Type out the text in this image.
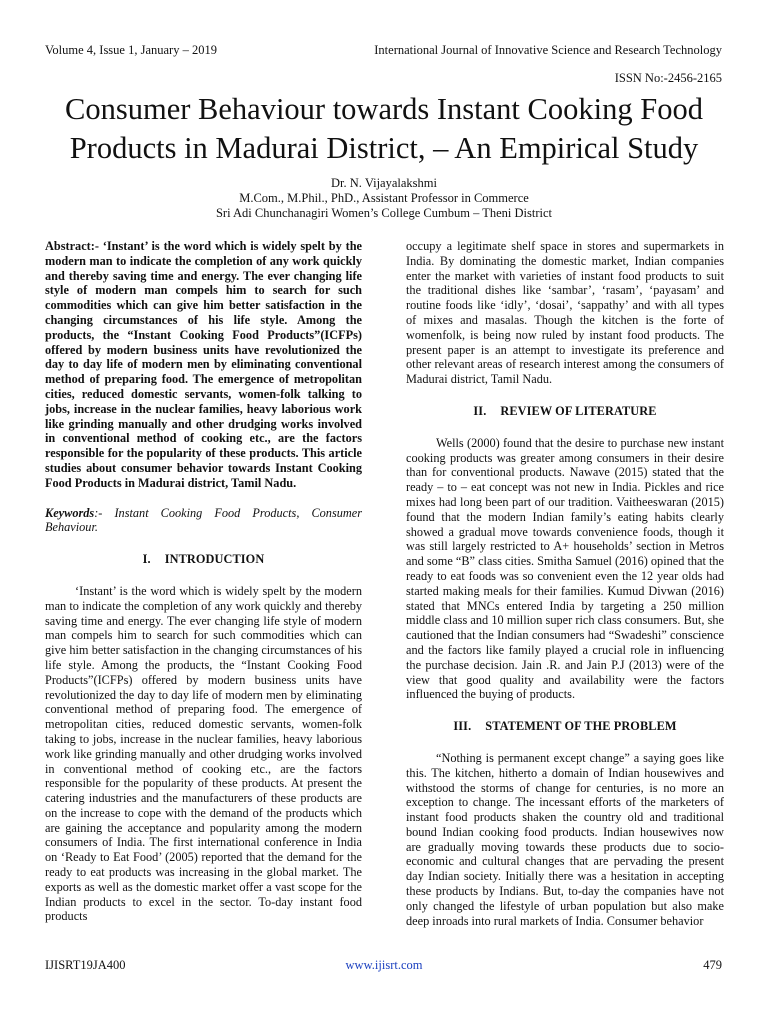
Volume 4, Issue 1, January – 2019	International Journal of Innovative Science and Research Technology
ISSN No:-2456-2165
Consumer Behaviour towards Instant Cooking Food Products in Madurai District, – An Empirical Study
Dr. N. Vijayalakshmi
M.Com., M.Phil., PhD., Assistant Professor in Commerce
Sri Adi Chunchanagiri Women’s College Cumbum – Theni District

Abstract:- ‘Instant’ is the word which is widely spelt by the modern man to indicate the completion of any work quickly and thereby saving time and energy. The ever changing life style of modern man compels him to search for such commodities which can give him better satisfaction in the changing circumstances of his life style. Among the products, the “Instant Cooking Food Products”(ICFPs) offered by modern business units have revolutionized the day to day life of modern men by eliminating conventional method of preparing food. The emergence of metropolitan cities, reduced domestic servants, women-folk talking to jobs, increase in the nuclear families, heavy laborious work like grinding manually and other drudging works involved in conventional method of cooking etc., are the factors responsible for the popularity of these products. This article studies about consumer behavior towards Instant Cooking Food Products in Madurai district, Tamil Nadu.

Keywords:- Instant Cooking Food Products, Consumer Behaviour.

I. INTRODUCTION

‘Instant’ is the word which is widely spelt by the modern man to indicate the completion of any work quickly and thereby saving time and energy. The ever changing life style of modern man compels him to search for such commodities which can give him better satisfaction in the changing circumstances of his life style. Among the products, the “Instant Cooking Food Products”(ICFPs) offered by modern business units have revolutionized the day to day life of modern men by eliminating conventional method of preparing food. The emergence of metropolitan cities, reduced domestic servants, women-folk taking to jobs, increase in the nuclear families, heavy laborious work like grinding manually and other drudging works involved in conventional method of cooking etc., are the factors responsible for the popularity of these products. At present the catering industries and the manufacturers of these products are on the increase to cope with the demand of the products which are gaining the acceptance and popularity among the modern consumers of India. The first international conference in India on ‘Ready to Eat Food’ (2005) reported that the demand for the ready to eat products was increasing in the global market. The exports as well as the domestic market offer a vast scope for the Indian products to excel in the sector. To-day instant food products

occupy a legitimate shelf space in stores and supermarkets in India. By dominating the domestic market, Indian companies enter the market with varieties of instant food products to suit the traditional dishes like ‘sambar’, ‘rasam’, ‘payasam’ and routine foods like ‘idly’, ‘dosai’, ‘sappathy’ and with all types of mixes and masalas. Though the kitchen is the forte of womenfolk, is being now ruled by instant food products. The present paper is an attempt to investigate its preference and other relevant areas of research interest among the consumers of Madurai district, Tamil Nadu.

II. REVIEW OF LITERATURE

Wells (2000) found that the desire to purchase new instant cooking products was greater among consumers in their desire than for conventional products. Nawave (2015) stated that the ready – to – eat concept was not new in India. Pickles and rice mixes had long been part of our tradition. Vaitheeswaran (2015) found that the modern Indian family’s eating habits clearly showed a gradual move towards convenience foods, though it was still largely restricted to A+ households’ section in Metros and some “B” class cities. Smitha Samuel (2016) opined that the ready to eat foods was so convenient even the 12 year olds had started making meals for their families. Kumud Divwan (2016) stated that MNCs entered India by targeting a 250 million middle class and 10 million super rich class consumers. But, she cautioned that the Indian consumers had “Swadeshi” conscience and the factors like family played a crucial role in influencing the purchase decision. Jain .R. and Jain P.J (2013) were of the view that good quality and availability were the factors influenced the buying of products.

III. STATEMENT OF THE PROBLEM

“Nothing is permanent except change” a saying goes like this. The kitchen, hitherto a domain of Indian housewives and withstood the storms of change for centuries, is no more an exception to change. The incessant efforts of the marketers of instant food products shaken the country old and traditional bound Indian cooking food products. Indian housewives now are gradually moving towards these products due to socio-economic and cultural changes that are pervading the present day Indian society. Initially there was a hesitation in accepting these products by Indians. But, to-day the companies have not only changed the lifestyle of urban population but also make deep inroads into rural markets of India. Consumer behavior

IJISRT19JA400	www.ijisrt.com	479
